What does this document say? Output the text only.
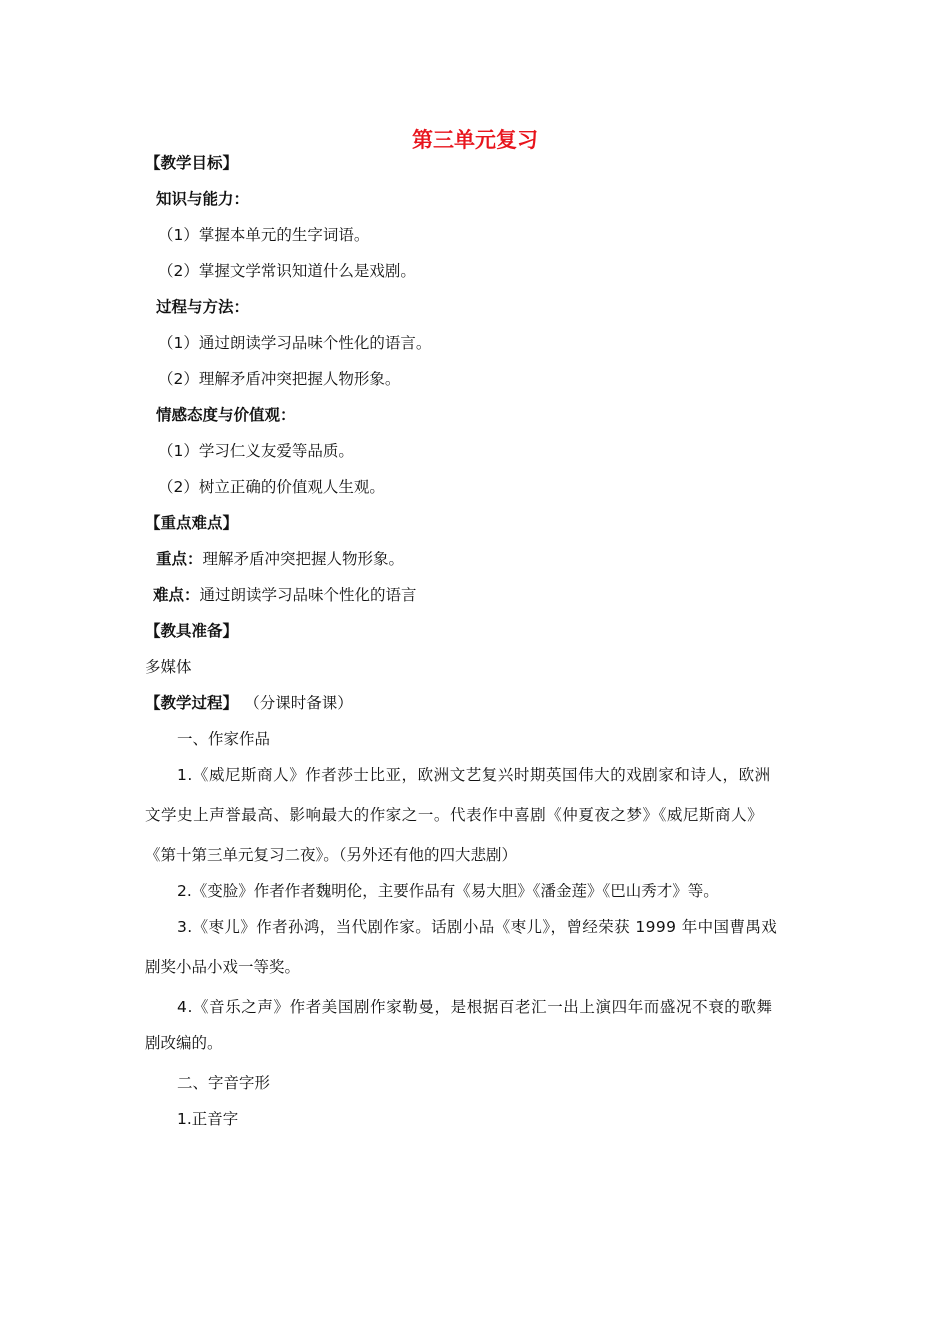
第三单元复习
【教学目标】
知识与能力：
（1）掌握本单元的生字词语。
（2）掌握文学常识知道什么是戏剧。
过程与方法：
（1）通过朗读学习品味个性化的语言。
（2）理解矛盾冲突把握人物形象。
情感态度与价值观：
（1）学习仁义友爱等品质。
（2）树立正确的价值观人生观。
【重点难点】
重点：理解矛盾冲突把握人物形象。
难点：通过朗读学习品味个性化的语言
【教具准备】
多媒体
【教学过程】 （分课时备课）
一、作家作品
1.《威尼斯商人》作者莎士比亚，欧洲文艺复兴时期英国伟大的戏剧家和诗人，欧洲
文学史上声誉最高、影响最大的作家之一。代表作中喜剧《仲夏夜之梦》《威尼斯商人》
《第十第三单元复习二夜》。（另外还有他的四大悲剧）
2.《变脸》作者作者魏明伦，主要作品有《易大胆》《潘金莲》《巴山秀才》等。
3.《枣儿》作者孙鸿，当代剧作家。话剧小品《枣儿》，曾经荣获 1999 年中国曹禺戏
剧奖小品小戏一等奖。
4.《音乐之声》作者美国剧作家勒曼，是根据百老汇一出上演四年而盛况不衰的歌舞
剧改编的。
二、字音字形
1.正音字
